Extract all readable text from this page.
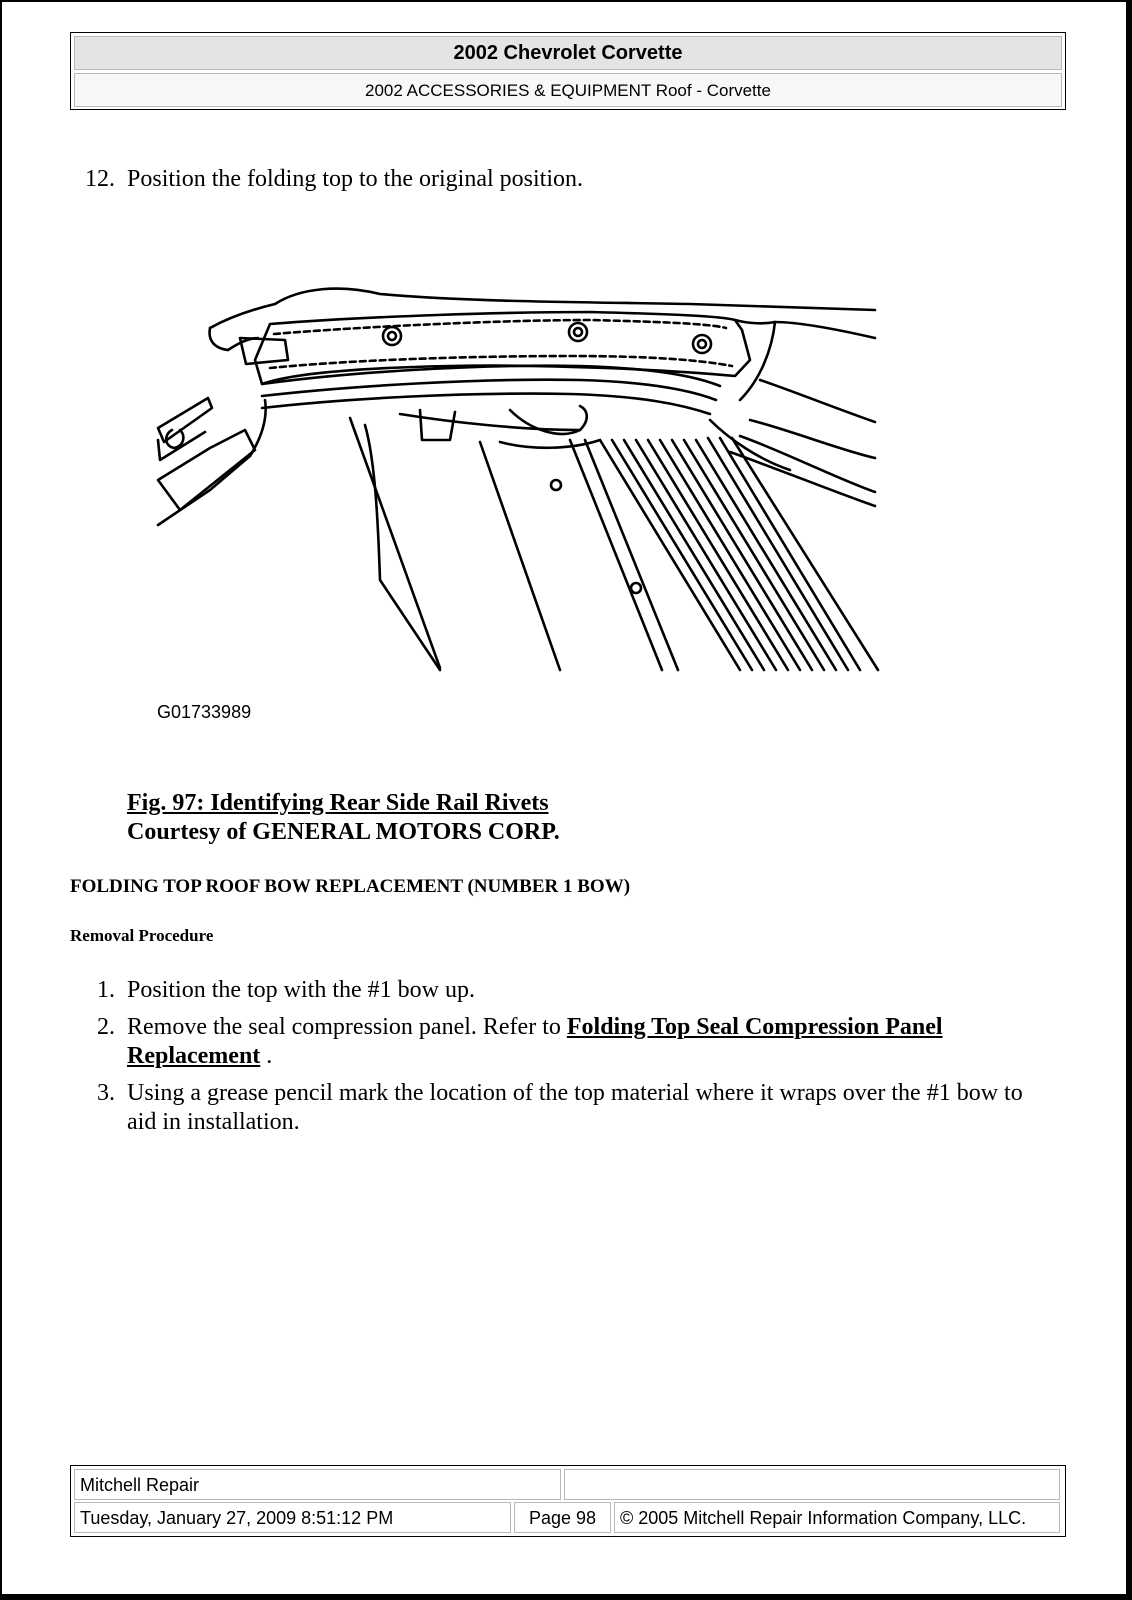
2002 Chevrolet Corvette
2002 ACCESSORIES & EQUIPMENT Roof - Corvette
12. Position the folding top to the original position.
G01733989
Fig. 97: Identifying Rear Side Rail Rivets
Courtesy of GENERAL MOTORS CORP.
FOLDING TOP ROOF BOW REPLACEMENT (NUMBER 1 BOW)
Removal Procedure
1. Position the top with the #1 bow up.
2. Remove the seal compression panel. Refer to Folding Top Seal Compression Panel Replacement .
3. Using a grease pencil mark the location of the top material where it wraps over the #1 bow to aid in installation.
Mitchell Repair
Tuesday, January 27, 2009 8:51:12 PM	Page 98	© 2005 Mitchell Repair Information Company, LLC.
